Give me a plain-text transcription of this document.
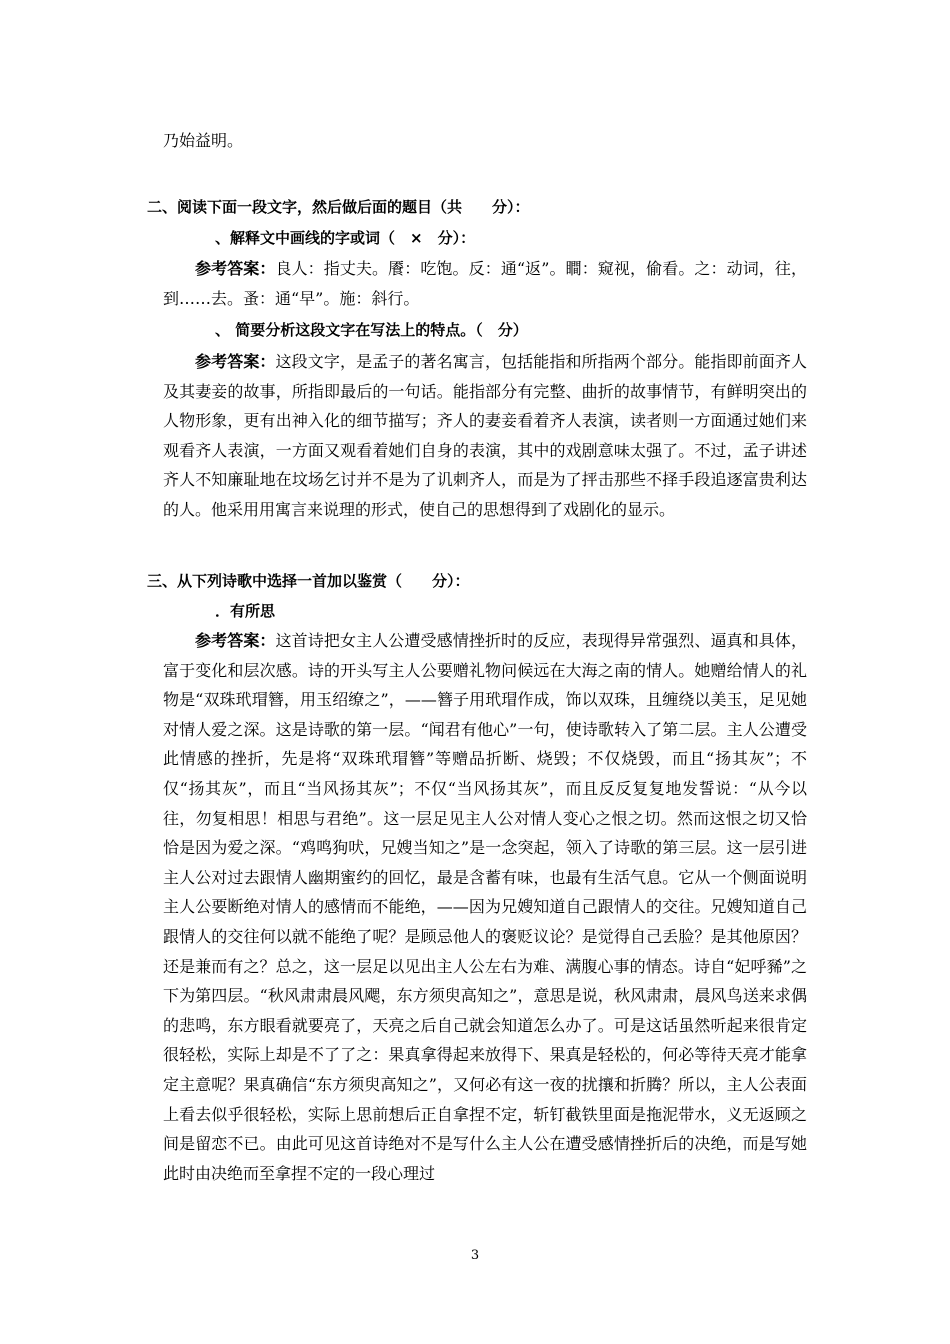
乃始益明。

二、阅读下面一段文字，然后做后面的题目（共　　分）：

、解释文中画线的字或词（　×　分）：

参考答案：良人：指丈夫。餍：吃饱。反：通“返”。瞷：窥视，偷看。之：动词，往，到……去。蚤：通“早”。施：斜行。

、 简要分析这段文字在写法上的特点。（　分）

参考答案：这段文字，是孟子的著名寓言，包括能指和所指两个部分。能指即前面齐人及其妻妾的故事，所指即最后的一句话。能指部分有完整、曲折的故事情节，有鲜明突出的人物形象，更有出神入化的细节描写；齐人的妻妾看着齐人表演，读者则一方面通过她们来观看齐人表演，一方面又观看着她们自身的表演，其中的戏剧意味太强了。不过，孟子讲述齐人不知廉耻地在坟场乞讨并不是为了讥刺齐人，而是为了抨击那些不择手段追逐富贵利达的人。他采用用寓言来说理的形式，使自己的思想得到了戏剧化的显示。

三、从下列诗歌中选择一首加以鉴赏（　　分）：

．有所思

参考答案：这首诗把女主人公遭受感情挫折时的反应，表现得异常强烈、逼真和具体，富于变化和层次感。诗的开头写主人公要赠礼物问候远在大海之南的情人。她赠给情人的礼物是“双珠玳瑁簪，用玉绍缭之”，——簪子用玳瑁作成，饰以双珠，且缠绕以美玉，足见她对情人爱之深。这是诗歌的第一层。“闻君有他心”一句，使诗歌转入了第二层。主人公遭受此情感的挫折，先是将“双珠玳瑁簪”等赠品折断、烧毁；不仅烧毁，而且“扬其灰”；不仅“扬其灰”，而且“当风扬其灰”；不仅“当风扬其灰”，而且反反复复地发誓说：“从今以往，勿复相思！相思与君绝”。这一层足见主人公对情人变心之恨之切。然而这恨之切又恰恰是因为爱之深。“鸡鸣狗吠，兄嫂当知之”是一念突起，领入了诗歌的第三层。这一层引进主人公对过去跟情人幽期蜜约的回忆，最是含蓄有味，也最有生活气息。它从一个侧面说明主人公要断绝对情人的感情而不能绝，——因为兄嫂知道自己跟情人的交往。兄嫂知道自己跟情人的交往何以就不能绝了呢？是顾忌他人的褒贬议论？是觉得自己丢脸？是其他原因？还是兼而有之？总之，这一层足以见出主人公左右为难、满腹心事的情态。诗自“妃呼豨”之下为第四层。“秋风肃肃晨风飔，东方须臾高知之”，意思是说，秋风肃肃，晨风鸟送来求偶的悲鸣，东方眼看就要亮了，天亮之后自己就会知道怎么办了。可是这话虽然听起来很肯定很轻松，实际上却是不了了之：果真拿得起来放得下、果真是轻松的，何必等待天亮才能拿定主意呢？果真确信“东方须臾高知之”，又何必有这一夜的扰攘和折腾？所以，主人公表面上看去似乎很轻松，实际上思前想后正自拿捏不定，斩钉截铁里面是拖泥带水，义无返顾之间是留恋不已。由此可见这首诗绝对不是写什么主人公在遭受感情挫折后的决绝，而是写她此时由决绝而至拿捏不定的一段心理过

3
